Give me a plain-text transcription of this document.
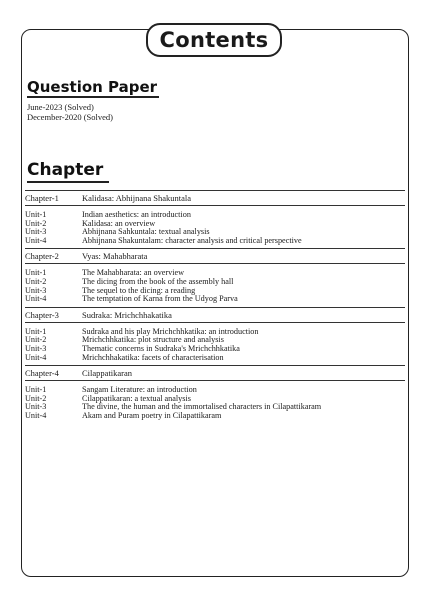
Contents
Question Paper
June-2023 (Solved)
December-2020 (Solved)
Chapter
Chapter-1	Kalidasa: Abhijnana Shakuntala
Unit-1	Indian aesthetics: an introduction
Unit-2	Kalidasa: an overview
Unit-3	Abhijnana Sahkuntala: textual analysis
Unit-4	Abhijnana Shakuntalam: character analysis and critical perspective
Chapter-2	Vyas: Mahabharata
Unit-1	The Mahabharata: an overview
Unit-2	The dicing from the book of the assembly hall
Unit-3	The sequel to the dicing: a reading
Unit-4	The temptation of Karna from the Udyog Parva
Chapter-3	Sudraka: Mrichchhakatika
Unit-1	Sudraka and his play Mrichchhkatika: an introduction
Unit-2	Mrichchhkatika: plot structure and analysis
Unit-3	Thematic concerns in Sudraka's Mrichchhkatika
Unit-4	Mrichchhakatika: facets of characterisation
Chapter-4	Cilappatikaran
Unit-1	Sangam Literature: an introduction
Unit-2	Cilappatikaran: a textual analysis
Unit-3	The divine, the human and the immortalised characters in Cilapattikaram
Unit-4	Akam and Puram poetry in Cilapattikaram
